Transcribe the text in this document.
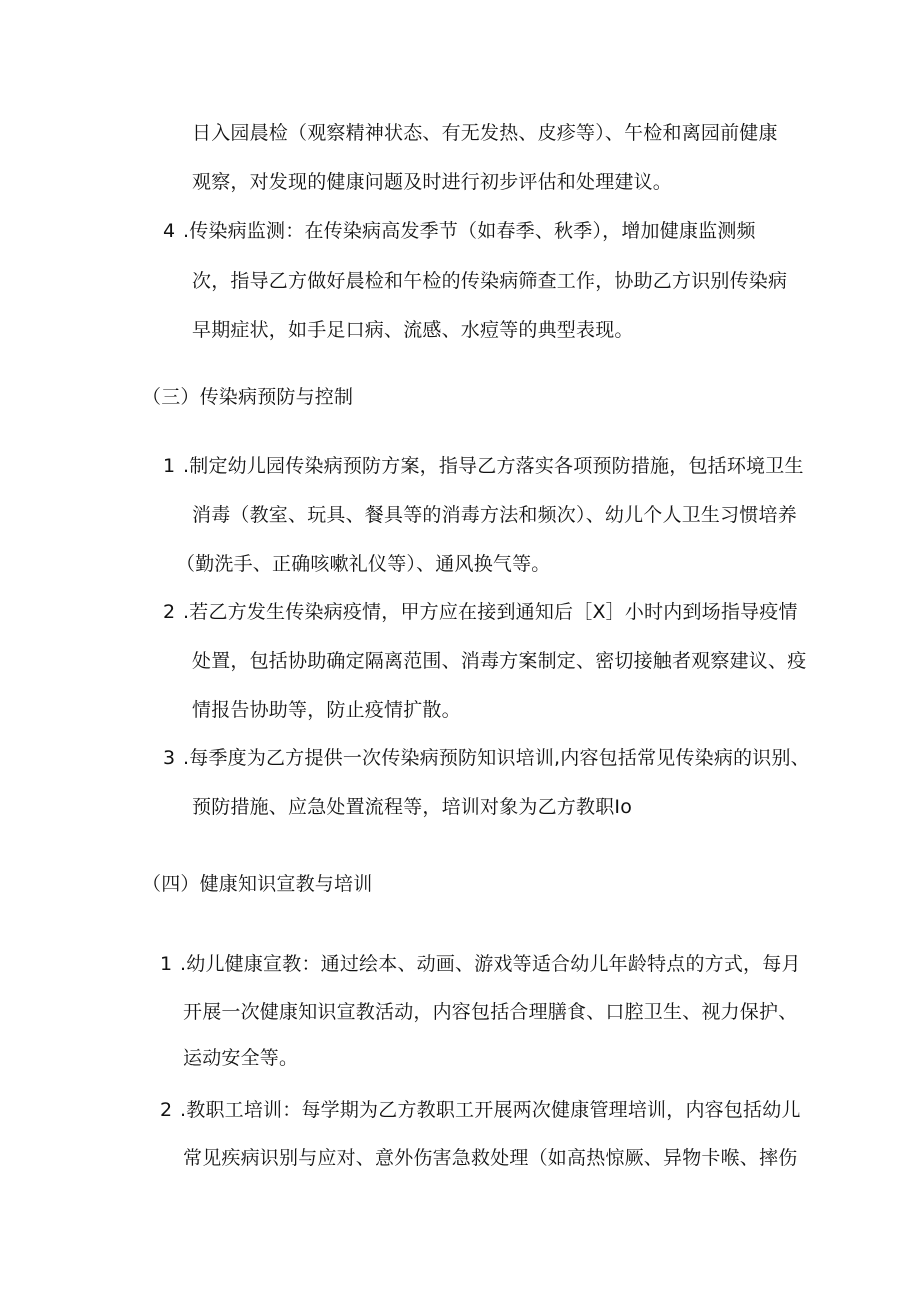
日入园晨检（观察精神状态、有无发热、皮疹等）、午检和离园前健康
观察，对发现的健康问题及时进行初步评估和处理建议。
4 .传染病监测：在传染病高发季节（如春季、秋季），增加健康监测频
次，指导乙方做好晨检和午检的传染病筛查工作，协助乙方识别传染病
早期症状，如手足口病、流感、水痘等的典型表现。
（三）传染病预防与控制
1 .制定幼儿园传染病预防方案，指导乙方落实各项预防措施，包括环境卫生
消毒（教室、玩具、餐具等的消毒方法和频次）、幼儿个人卫生习惯培养
（勤洗手、正确咳嗽礼仪等）、通风换气等。
2 .若乙方发生传染病疫情，甲方应在接到通知后［X］小时内到场指导疫情
处置，包括协助确定隔离范围、消毒方案制定、密切接触者观察建议、疫
情报告协助等，防止疫情扩散。
3 .每季度为乙方提供一次传染病预防知识培训,内容包括常见传染病的识别、
预防措施、应急处置流程等，培训对象为乙方教职Io
（四）健康知识宣教与培训
1 .幼儿健康宣教：通过绘本、动画、游戏等适合幼儿年龄特点的方式，每月
开展一次健康知识宣教活动，内容包括合理膳食、口腔卫生、视力保护、
运动安全等。
2 .教职工培训：每学期为乙方教职工开展两次健康管理培训，内容包括幼儿
常见疾病识别与应对、意外伤害急救处理（如高热惊厥、异物卡喉、摔伤
